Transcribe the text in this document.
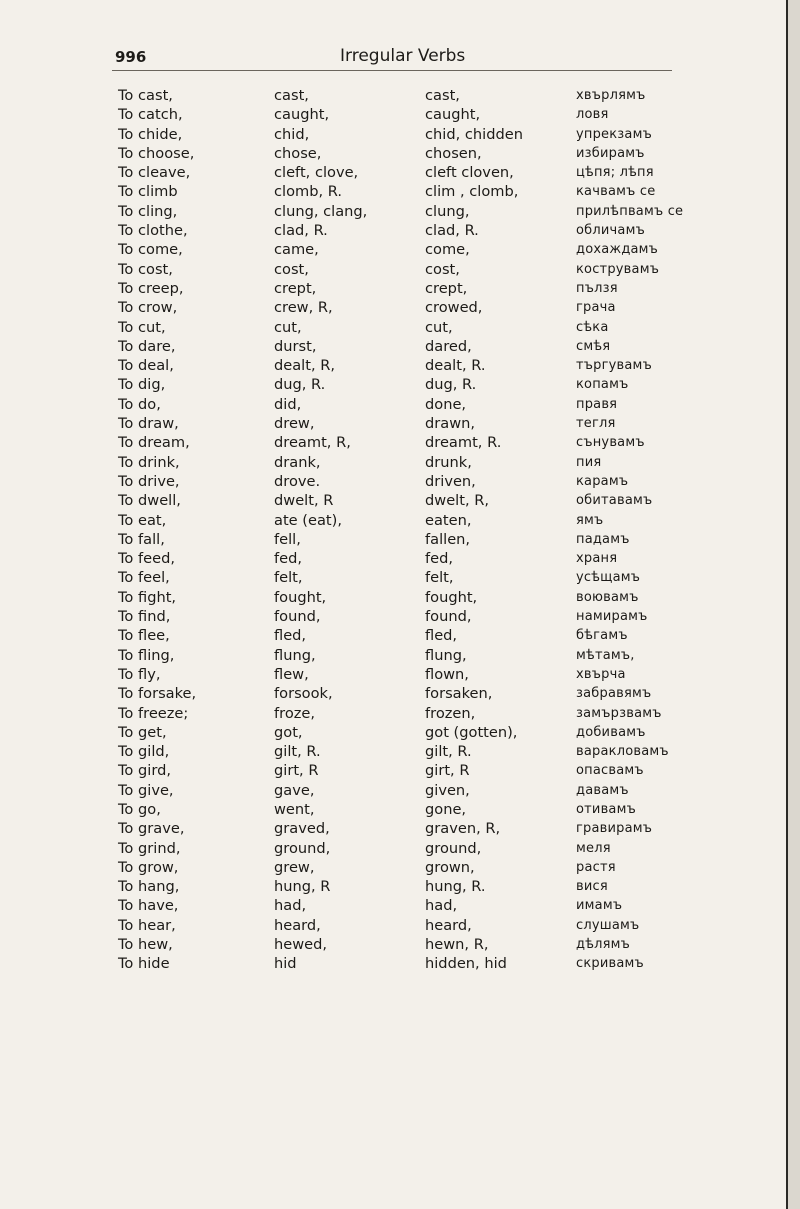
996	Irregular Verbs
To cast,	cast,	cast,	хвърлямъ
To catch,	caught,	caught,	ловя
To chide,	chid,	chid, chidden	упрекзамъ
To choose,	chose,	chosen,	избирамъ
To cleave,	cleft, clove,	cleft cloven,	цѣпя; лѣпя
To climb	clomb, R.	clim , clomb,	качвамъ се
To cling,	clung, clang,	clung,	прилѣпвамъ се
To clothe,	clad, R.	clad, R.	обличамъ
To come,	came,	come,	дохаждамъ
To cost,	cost,	cost,	кострувамъ
To creep,	crept,	crept,	пълзя
To crow,	crew, R,	crowed,	грача
To cut,	cut,	cut,	сѣка
To dare,	durst,	dared,	смѣя
To deal,	dealt, R,	dealt, R.	търгувамъ
To dig,	dug, R.	dug, R.	копамъ
To do,	did,	done,	правя
To draw,	drew,	drawn,	тегля
To dream,	dreamt, R,	dreamt, R.	сънувамъ
To drink,	drank,	drunk,	пия
To drive,	drove.	driven,	карамъ
To dwell,	dwelt, R	dwelt, R,	обитавамъ
To eat,	ate (eat),	eaten,	ямъ
To fall,	fell,	fallen,	падамъ
To feed,	fed,	fed,	храня
To feel,	felt,	felt,	усѣщамъ
To fight,	fought,	fought,	воювамъ
To find,	found,	found,	намирамъ
To flee,	fled,	fled,	бѣгамъ
To fling,	flung,	flung,	мѣтамъ,
To fly,	flew,	flown,	хвърча
To forsake,	forsook,	forsaken,	забравямъ
To freeze;	froze,	frozen,	замързвамъ
To get,	got,	got (gotten),	добивамъ
To gild,	gilt, R.	gilt, R.	варакловамъ
To gird,	girt, R	girt, R	опасвамъ
To give,	gave,	given,	давамъ
To go,	went,	gone,	отивамъ
To grave,	graved,	graven, R,	гравирамъ
To grind,	ground,	ground,	меля
To grow,	grew,	grown,	растя
To hang,	hung, R	hung, R.	вися
To have,	had,	had,	имамъ
To hear,	heard,	heard,	слушамъ
To hew,	hewed,	hewn, R,	дѣлямъ
To hide	hid	hidden, hid	скривамъ
